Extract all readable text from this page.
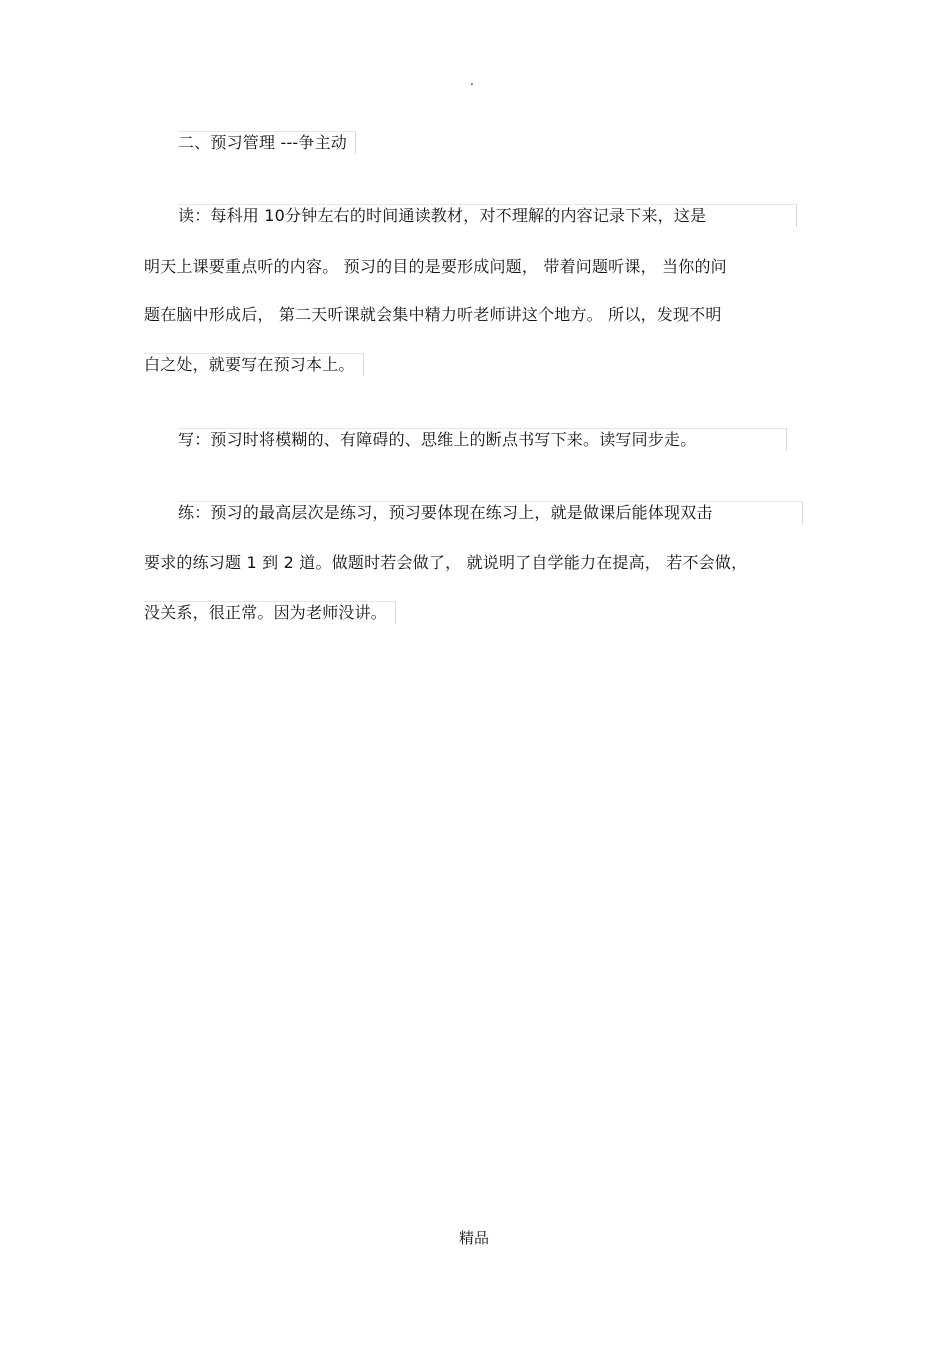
.
二、预习管理 ---争主动
读：每科用 10分钟左右的时间通读教材，对不理解的内容记录下来，这是
明天上课要重点听的内容。 预习的目的是要形成问题， 带着问题听课， 当你的问
题在脑中形成后， 第二天听课就会集中精力听老师讲这个地方。 所以，发现不明
白之处，就要写在预习本上。
写：预习时将模糊的、有障碍的、思维上的断点书写下来。读写同步走。
练：预习的最高层次是练习，预习要体现在练习上，就是做课后能体现双击
要求的练习题 1 到 2 道。做题时若会做了， 就说明了自学能力在提高， 若不会做，
没关系，很正常。因为老师没讲。
精品
